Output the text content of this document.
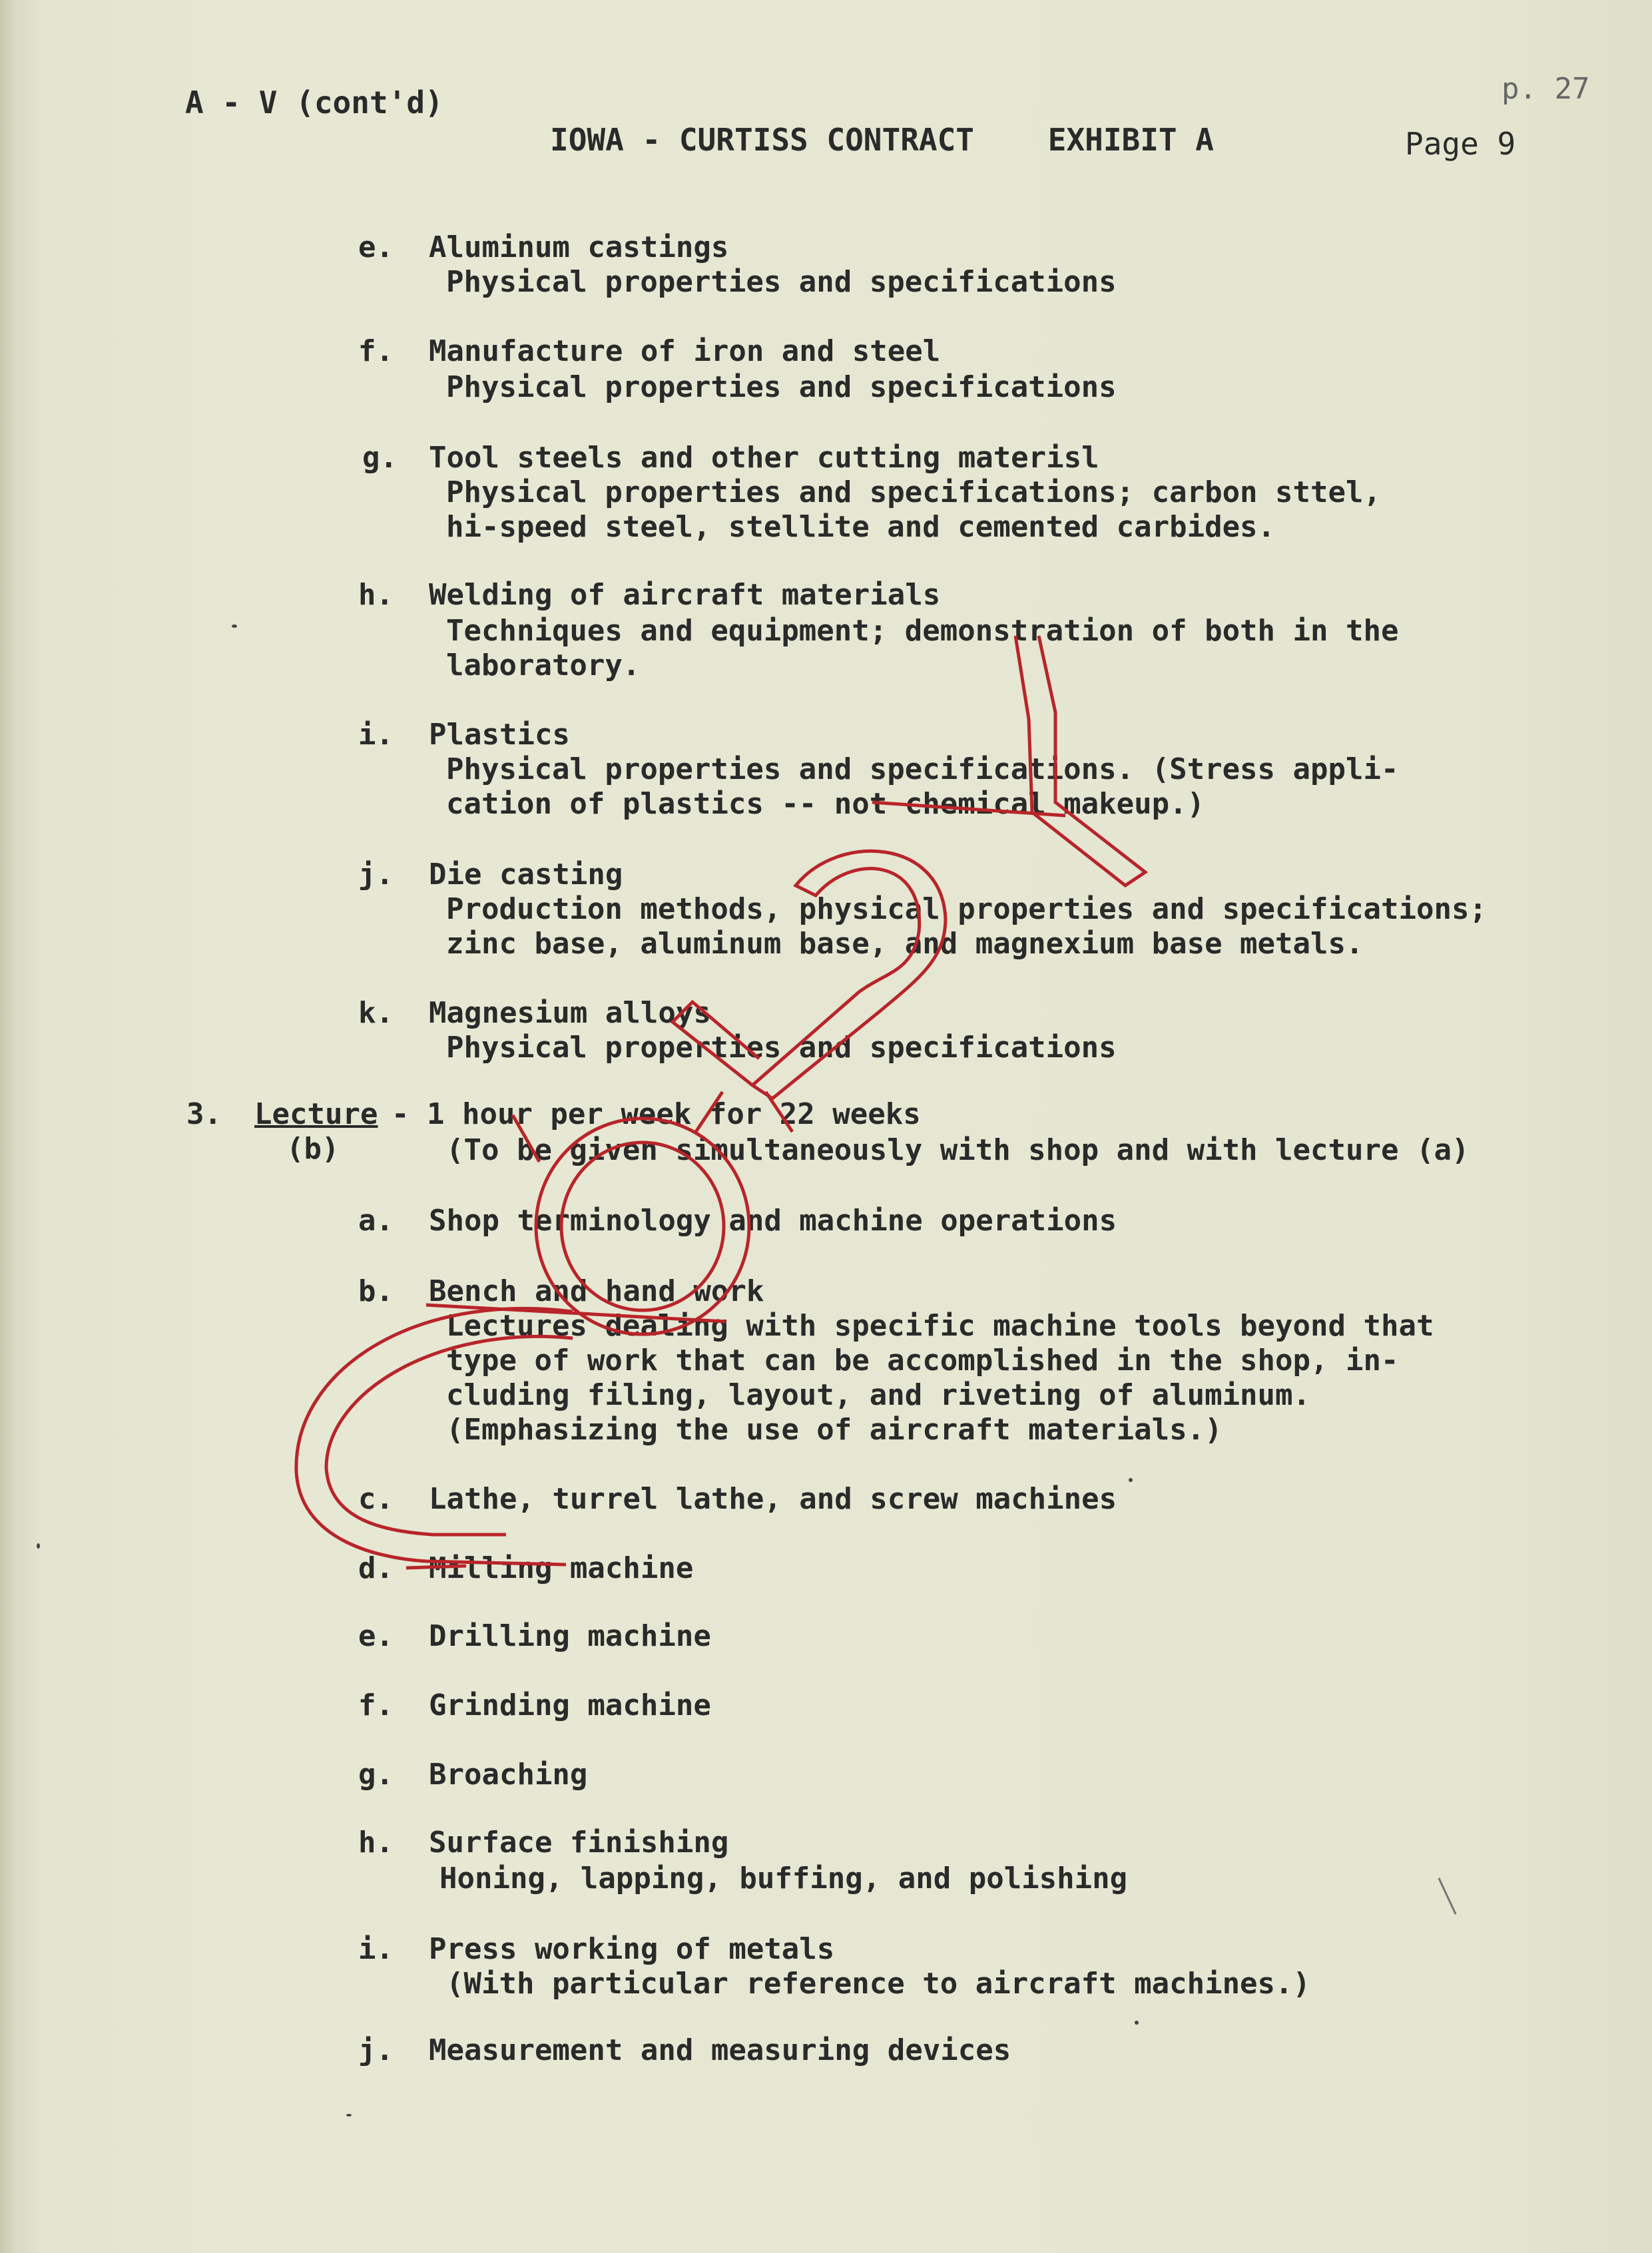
A - V (cont'd)
IOWA - CURTISS CONTRACT    EXHIBIT A	Page 9
p. 27
e. Aluminum castings
Physical properties and specifications
f. Manufacture of iron and steel
Physical properties and specifications
g. Tool steels and other cutting materisl
Physical properties and specifications; carbon sttel,
hi-speed steel, stellite and cemented carbides.
h. Welding of aircraft materials
Techniques and equipment; demonstration of both in the
laboratory.
i. Plastics
Physical properties and specifications. (Stress appli-
cation of plastics -- not chemical makeup.)
j. Die casting
Production methods, physical properties and specifications;
zinc base, aluminum base, and magnexium base metals.
k. Magnesium alloys
Physical properties and specifications
3. Lecture
(b)
- 1 hour per week for 22 weeks
(To be given simultaneously with shop and with lecture (a)
a. Shop terminology and machine operations
b. Bench and hand work
Lectures dealing with specific machine tools beyond that
type of work that can be accomplished in the shop, in-
cluding filing, layout, and riveting of aluminum.
(Emphasizing the use of aircraft materials.)
c. Lathe, turrel lathe, and screw machines
d. Milling machine
e. Drilling machine
f. Grinding machine
g. Broaching
h. Surface finishing
Honing, lapping, buffing, and polishing
i. Press working of metals
(With particular reference to aircraft machines.)
j. Measurement and measuring devices
